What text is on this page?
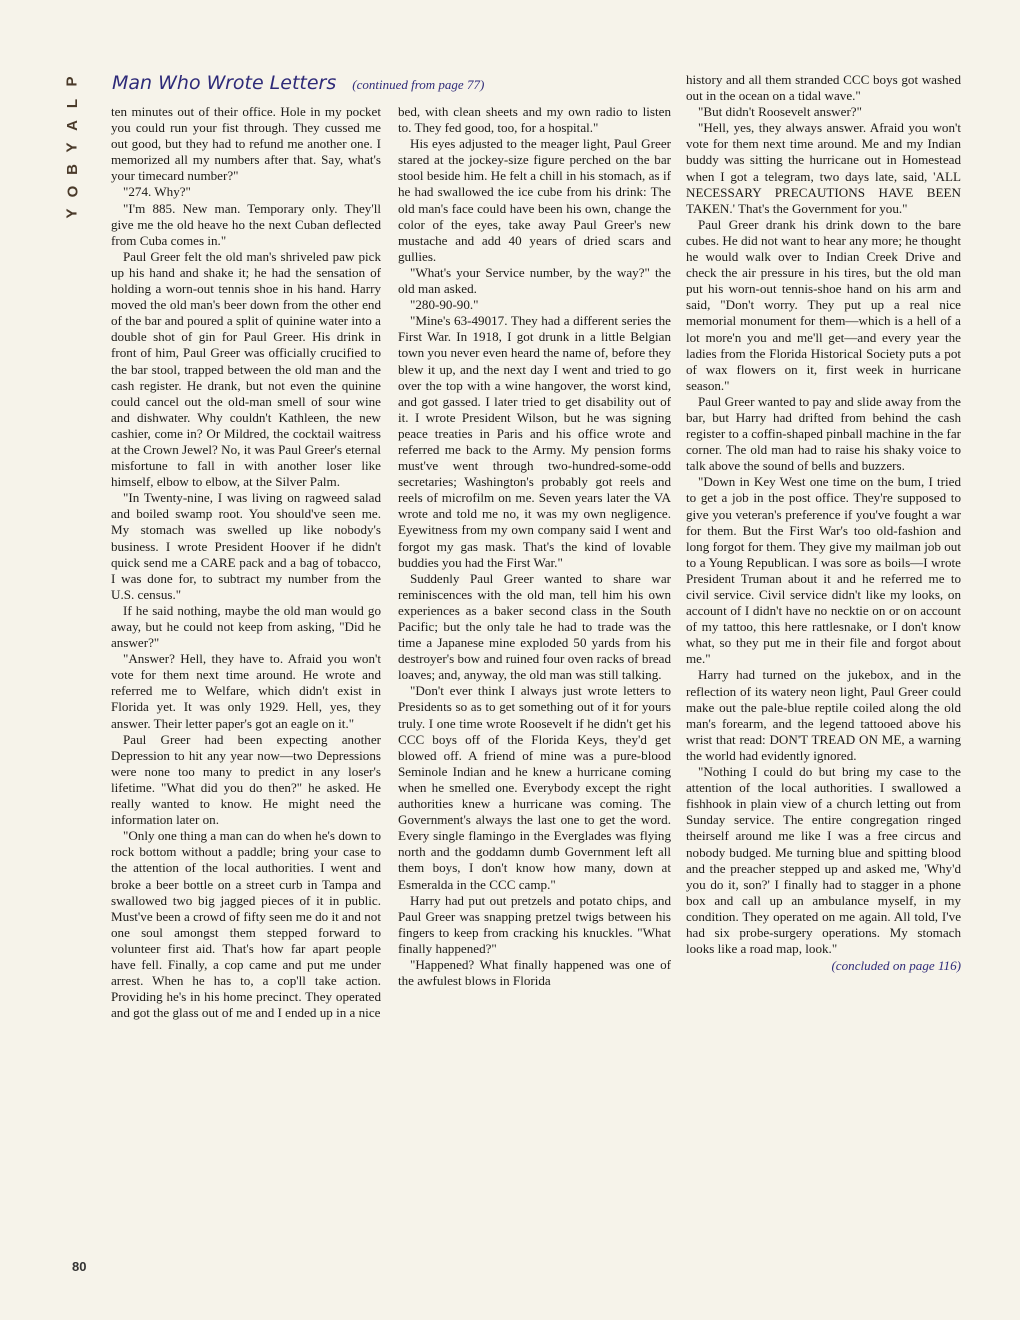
P
L
A
Y
B
O
Y
Man Who Wrote Letters (continued from page 77)

ten minutes out of their office. Hole in my pocket you could run your fist through. They cussed me out good, but they had to refund me another one. I memorized all my numbers after that. Say, what's your timecard number?"

"274. Why?"

"I'm 885. New man. Temporary only. They'll give me the old heave ho the next Cuban deflected from Cuba comes in."

Paul Greer felt the old man's shriveled paw pick up his hand and shake it; he had the sensation of holding a worn-out tennis shoe in his hand. Harry moved the old man's beer down from the other end of the bar and poured a split of quinine water into a double shot of gin for Paul Greer. His drink in front of him, Paul Greer was officially crucified to the bar stool, trapped between the old man and the cash register. He drank, but not even the quinine could cancel out the old-man smell of sour wine and dishwater. Why couldn't Kathleen, the new cashier, come in? Or Mildred, the cocktail waitress at the Crown Jewel? No, it was Paul Greer's eternal misfortune to fall in with another loser like himself, elbow to elbow, at the Silver Palm.

"In Twenty-nine, I was living on ragweed salad and boiled swamp root. You should've seen me. My stomach was swelled up like nobody's business. I wrote President Hoover if he didn't quick send me a CARE pack and a bag of tobacco, I was done for, to subtract my number from the U.S. census."

If he said nothing, maybe the old man would go away, but he could not keep from asking, "Did he answer?"

"Answer? Hell, they have to. Afraid you won't vote for them next time around. He wrote and referred me to Welfare, which didn't exist in Florida yet. It was only 1929. Hell, yes, they answer. Their letter paper's got an eagle on it."

Paul Greer had been expecting another Depression to hit any year now—two Depressions were none too many to predict in any loser's lifetime. "What did you do then?" he asked. He really wanted to know. He might need the information later on.

"Only one thing a man can do when he's down to rock bottom without a paddle; bring your case to the attention of the local authorities. I went and broke a beer bottle on a street curb in Tampa and swallowed two big jagged pieces of it in public. Must've been a crowd of fifty seen me do it and not one soul amongst them stepped forward to volunteer first aid. That's how far apart people have fell. Finally, a cop came and put me under arrest. When he has to, a cop'll take action. Providing he's in his home precinct. They operated and got the glass out of me and I ended up in a nice

bed, with clean sheets and my own radio to listen to. They fed good, too, for a hospital."

His eyes adjusted to the meager light, Paul Greer stared at the jockey-size figure perched on the bar stool beside him. He felt a chill in his stomach, as if he had swallowed the ice cube from his drink: The old man's face could have been his own, change the color of the eyes, take away Paul Greer's new mustache and add 40 years of dried scars and gullies.

"What's your Service number, by the way?" the old man asked.

"280-90-90."

"Mine's 63-49017. They had a different series the First War. In 1918, I got drunk in a little Belgian town you never even heard the name of, before they blew it up, and the next day I went and tried to go over the top with a wine hangover, the worst kind, and got gassed. I later tried to get disability out of it. I wrote President Wilson, but he was signing peace treaties in Paris and his office wrote and referred me back to the Army. My pension forms must've went through two-hundred-some-odd secretaries; Washington's probably got reels and reels of microfilm on me. Seven years later the VA wrote and told me no, it was my own negligence. Eyewitness from my own company said I went and forgot my gas mask. That's the kind of lovable buddies you had the First War."

Suddenly Paul Greer wanted to share war reminiscences with the old man, tell him his own experiences as a baker second class in the South Pacific; but the only tale he had to trade was the time a Japanese mine exploded 50 yards from his destroyer's bow and ruined four oven racks of bread loaves; and, anyway, the old man was still talking.

"Don't ever think I always just wrote letters to Presidents so as to get something out of it for yours truly. I one time wrote Roosevelt if he didn't get his CCC boys off of the Florida Keys, they'd get blowed off. A friend of mine was a pure-blood Seminole Indian and he knew a hurricane coming when he smelled one. Everybody except the right authorities knew a hurricane was coming. The Government's always the last one to get the word. Every single flamingo in the Everglades was flying north and the goddamn dumb Government left all them boys, I don't know how many, down at Esmeralda in the CCC camp."

Harry had put out pretzels and potato chips, and Paul Greer was snapping pretzel twigs between his fingers to keep from cracking his knuckles. "What finally happened?"

"Happened? What finally happened was one of the awfulest blows in Florida

history and all them stranded CCC boys got washed out in the ocean on a tidal wave."

"But didn't Roosevelt answer?"

"Hell, yes, they always answer. Afraid you won't vote for them next time around. Me and my Indian buddy was sitting the hurricane out in Homestead when I got a telegram, two days late, said, 'ALL NECESSARY PRECAUTIONS HAVE BEEN TAKEN.' That's the Government for you."

Paul Greer drank his drink down to the bare cubes. He did not want to hear any more; he thought he would walk over to Indian Creek Drive and check the air pressure in his tires, but the old man put his worn-out tennis-shoe hand on his arm and said, "Don't worry. They put up a real nice memorial monument for them—which is a hell of a lot more'n you and me'll get—and every year the ladies from the Florida Historical Society puts a pot of wax flowers on it, first week in hurricane season."

Paul Greer wanted to pay and slide away from the bar, but Harry had drifted from behind the cash register to a coffin-shaped pinball machine in the far corner. The old man had to raise his shaky voice to talk above the sound of bells and buzzers.

"Down in Key West one time on the bum, I tried to get a job in the post office. They're supposed to give you veteran's preference if you've fought a war for them. But the First War's too old-fashion and long forgot for them. They give my mailman job out to a Young Republican. I was sore as boils—I wrote President Truman about it and he referred me to civil service. Civil service didn't like my looks, on account of I didn't have no necktie on or on account of my tattoo, this here rattlesnake, or I don't know what, so they put me in their file and forgot about me."

Harry had turned on the jukebox, and in the reflection of its watery neon light, Paul Greer could make out the pale-blue reptile coiled along the old man's forearm, and the legend tattooed above his wrist that read: DON'T TREAD ON ME, a warning the world had evidently ignored.

"Nothing I could do but bring my case to the attention of the local authorities. I swallowed a fishhook in plain view of a church letting out from Sunday service. The entire congregation ringed theirself around me like I was a free circus and nobody budged. Me turning blue and spitting blood and the preacher stepped up and asked me, 'Why'd you do it, son?' I finally had to stagger in a phone box and call up an ambulance myself, in my condition. They operated on me again. All told, I've had six probe-surgery operations. My stomach looks like a road map, look."

(concluded on page 116)
80
